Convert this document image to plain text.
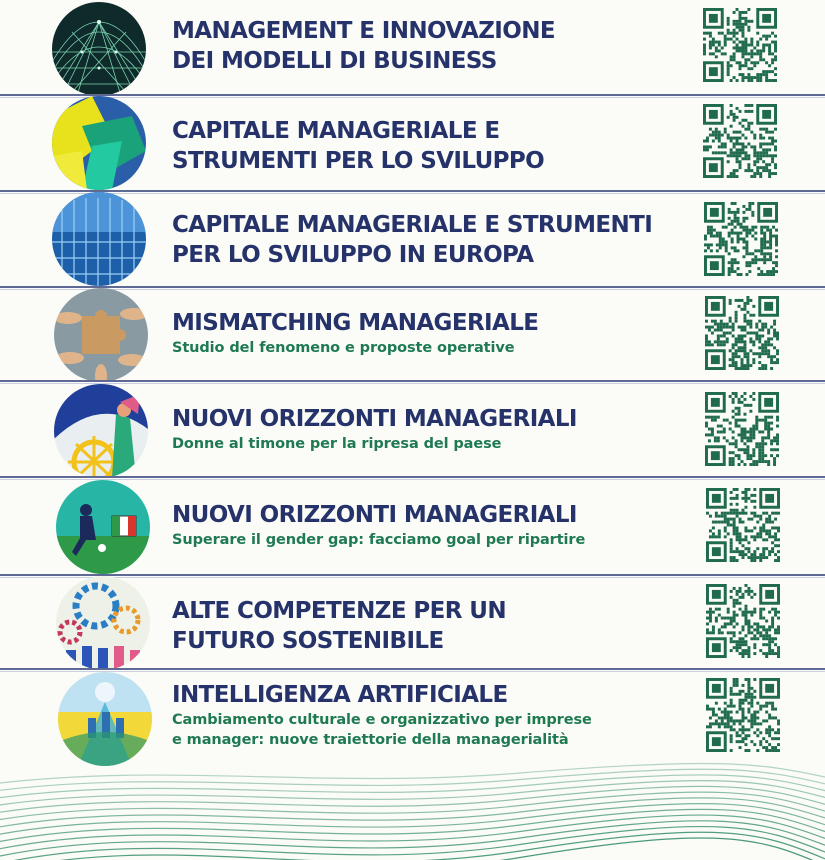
MANAGEMENT E INNOVAZIONE
DEI MODELLI DI BUSINESS

CAPITALE MANAGERIALE E
STRUMENTI PER LO SVILUPPO

CAPITALE MANAGERIALE E STRUMENTI
PER LO SVILUPPO IN EUROPA

MISMATCHING MANAGERIALE

Studio del fenomeno e proposte operative

NUOVI ORIZZONTI MANAGERIALI

Donne al timone per la ripresa del paese

NUOVI ORIZZONTI MANAGERIALI

Superare il gender gap: facciamo goal per ripartire

ALTE COMPETENZE PER UN
FUTURO SOSTENIBILE

INTELLIGENZA ARTIFICIALE

Cambiamento culturale e organizzativo per imprese
e manager: nuove traiettorie della managerialità
